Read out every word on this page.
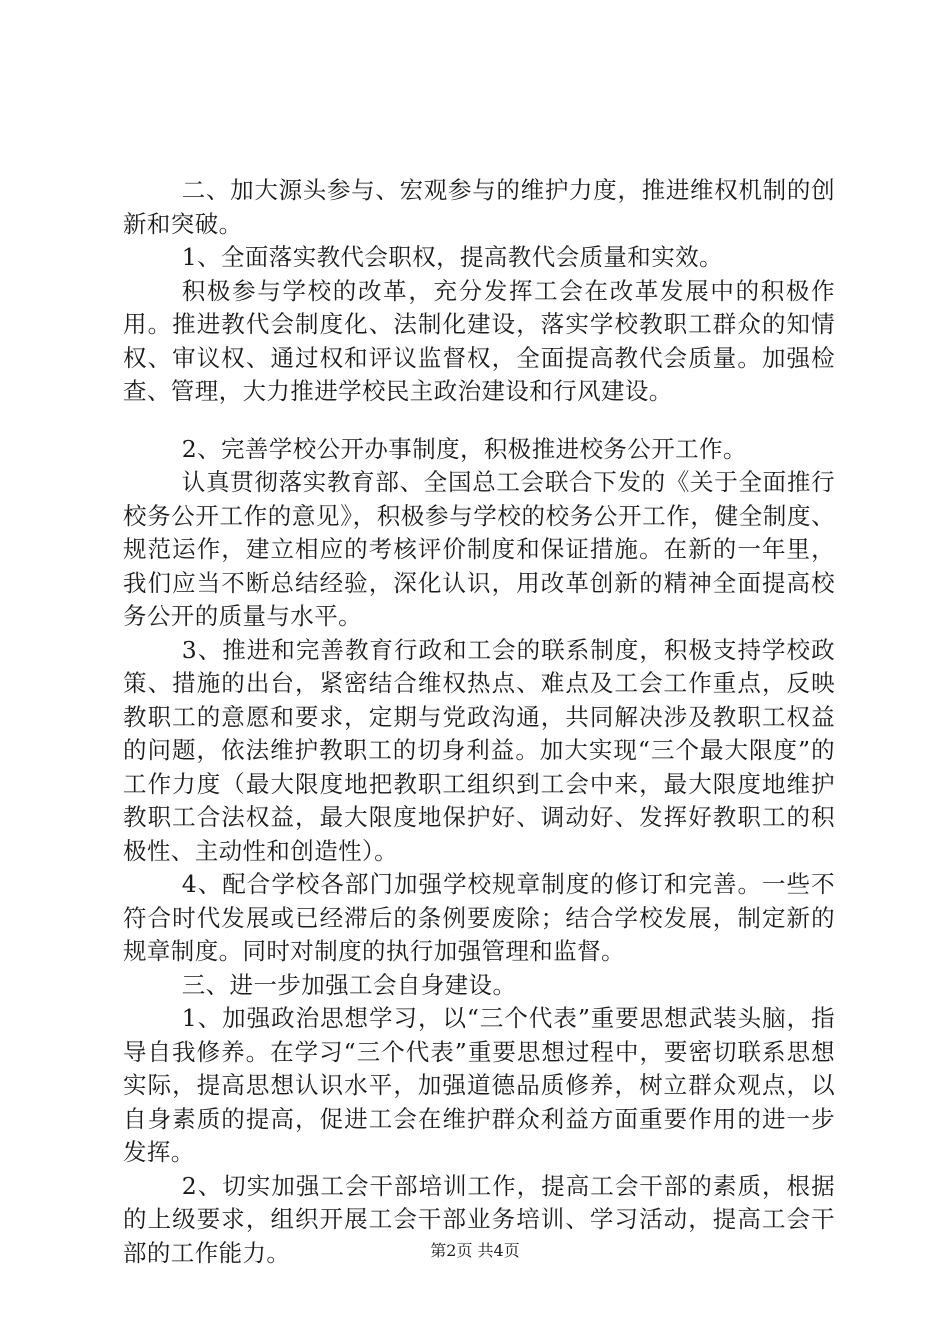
二、加大源头参与、宏观参与的维护力度，推进维权机制的创新和突破。

1、全面落实教代会职权，提高教代会质量和实效。

积极参与学校的改革，充分发挥工会在改革发展中的积极作用。推进教代会制度化、法制化建设，落实学校教职工群众的知情权、审议权、通过权和评议监督权，全面提高教代会质量。加强检查、管理，大力推进学校民主政治建设和行风建设。

2、完善学校公开办事制度，积极推进校务公开工作。

认真贯彻落实教育部、全国总工会联合下发的《关于全面推行校务公开工作的意见》，积极参与学校的校务公开工作，健全制度、规范运作，建立相应的考核评价制度和保证措施。在新的一年里，我们应当不断总结经验，深化认识，用改革创新的精神全面提高校务公开的质量与水平。

3、推进和完善教育行政和工会的联系制度，积极支持学校政策、措施的出台，紧密结合维权热点、难点及工会工作重点，反映教职工的意愿和要求，定期与党政沟通，共同解决涉及教职工权益的问题，依法维护教职工的切身利益。加大实现“三个最大限度”的工作力度（最大限度地把教职工组织到工会中来，最大限度地维护教职工合法权益，最大限度地保护好、调动好、发挥好教职工的积极性、主动性和创造性）。

4、配合学校各部门加强学校规章制度的修订和完善。一些不符合时代发展或已经滞后的条例要废除；结合学校发展，制定新的规章制度。同时对制度的执行加强管理和监督。

三、进一步加强工会自身建设。

1、加强政治思想学习，以“三个代表”重要思想武装头脑，指导自我修养。在学习“三个代表”重要思想过程中，要密切联系思想实际，提高思想认识水平，加强道德品质修养，树立群众观点，以自身素质的提高，促进工会在维护群众利益方面重要作用的进一步发挥。

2、切实加强工会干部培训工作，提高工会干部的素质，根据的上级要求，组织开展工会干部业务培训、学习活动，提高工会干部的工作能力。	第2页 共4页
